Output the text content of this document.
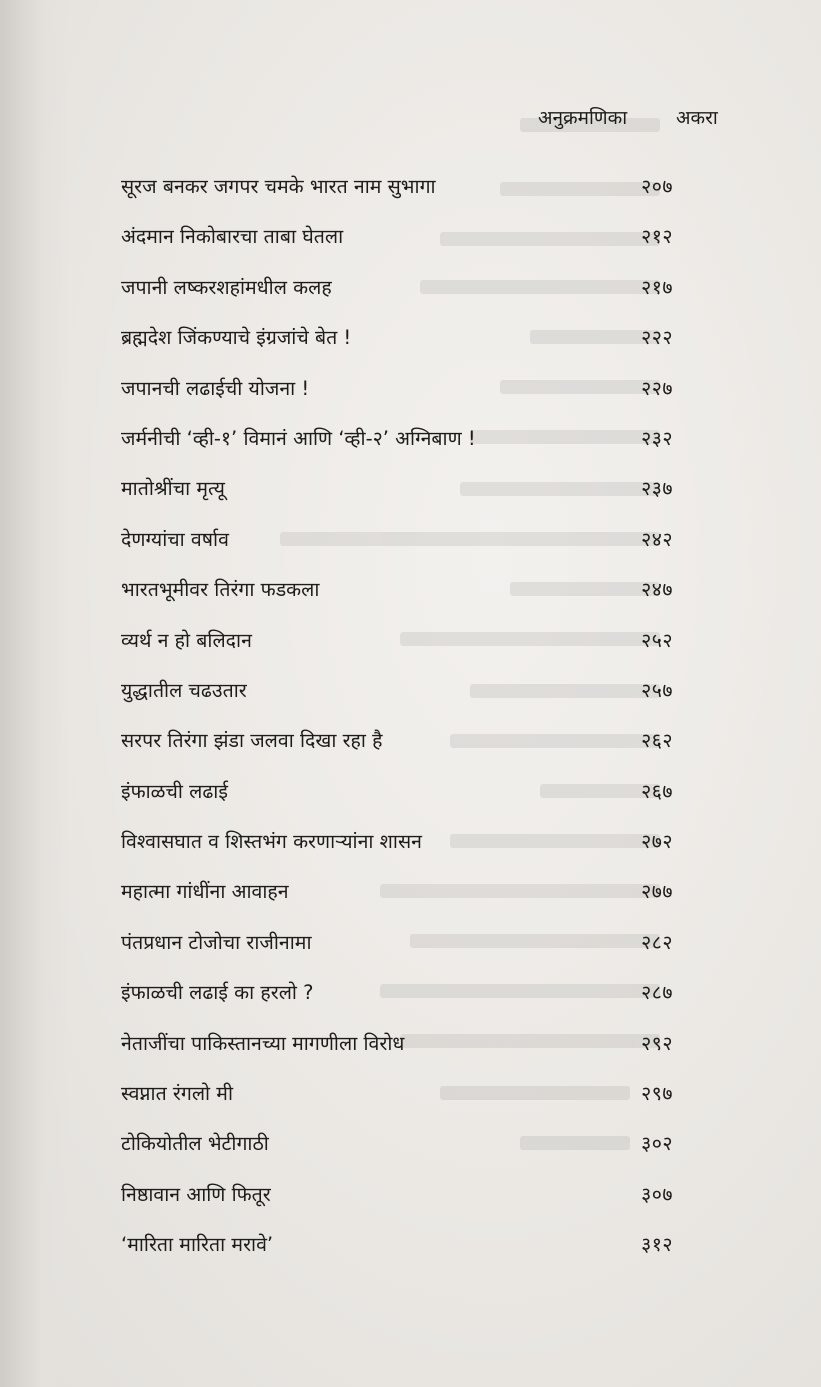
अनुक्रमणिका	अकरा
सूरज बनकर जगपर चमके भारत नाम सुभागा	२०७
अंदमान निकोबारचा ताबा घेतला	२१२
जपानी लष्करशहांमधील कलह	२१७
ब्रह्मदेश जिंकण्याचे इंग्रजांचे बेत !	२२२
जपानची लढाईची योजना !	२२७
जर्मनीची ‘व्ही-१’ विमानं आणि ‘व्ही-२’ अग्निबाण !	२३२
मातोश्रींचा मृत्यू	२३७
देणग्यांचा वर्षाव	२४२
भारतभूमीवर तिरंगा फडकला	२४७
व्यर्थ न हो बलिदान	२५२
युद्धातील चढउतार	२५७
सरपर तिरंगा झंडा जलवा दिखा रहा है	२६२
इंफाळची लढाई	२६७
विश्वासघात व शिस्तभंग करणाऱ्यांना शासन	२७२
महात्मा गांधींना आवाहन	२७७
पंतप्रधान टोजोचा राजीनामा	२८२
इंफाळची लढाई का हरलो ?	२८७
नेताजींचा पाकिस्तानच्या मागणीला विरोध	२९२
स्वप्नात रंगलो मी	२९७
टोकियोतील भेटीगाठी	३०२
निष्ठावान आणि फितूर	३०७
‘मारिता मारिता मरावे’	३१२
